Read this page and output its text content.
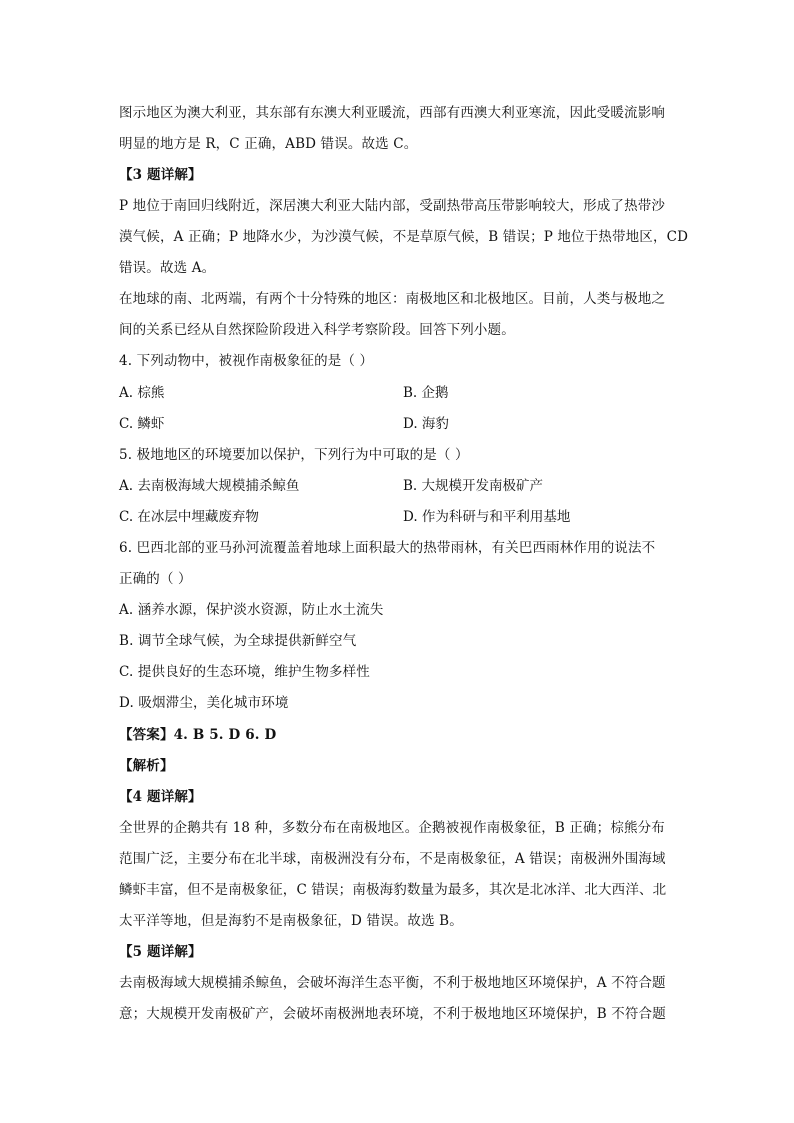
图示地区为澳大利亚，其东部有东澳大利亚暖流，西部有西澳大利亚寒流，因此受暖流影响
明显的地方是 R，C 正确，ABD 错误。故选 C。
【3 题详解】
P 地位于南回归线附近，深居澳大利亚大陆内部，受副热带高压带影响较大，形成了热带沙
漠气候，A 正确；P 地降水少，为沙漠气候，不是草原气候，B 错误；P 地位于热带地区，CD
错误。故选 A。
在地球的南、北两端，有两个十分特殊的地区：南极地区和北极地区。目前，人类与极地之
间的关系已经从自然探险阶段进入科学考察阶段。回答下列小题。
4. 下列动物中，被视作南极象征的是（ ）
A. 棕熊	B. 企鹅
C. 鳞虾	D. 海豹
5. 极地地区的环境要加以保护，下列行为中可取的是（ ）
A. 去南极海域大规模捕杀鲸鱼	B. 大规模开发南极矿产
C. 在冰层中埋藏废弃物	D. 作为科研与和平利用基地
6. 巴西北部的亚马孙河流覆盖着地球上面积最大的热带雨林，有关巴西雨林作用的说法不
正确的（ ）
A. 涵养水源，保护淡水资源，防止水土流失
B. 调节全球气候，为全球提供新鲜空气
C. 提供良好的生态环境，维护生物多样性
D. 吸烟滞尘，美化城市环境
【答案】4. B 5. D 6. D
【解析】
【4 题详解】
全世界的企鹅共有 18 种，多数分布在南极地区。企鹅被视作南极象征，B 正确；棕熊分布
范围广泛，主要分布在北半球，南极洲没有分布，不是南极象征，A 错误；南极洲外围海域
鳞虾丰富，但不是南极象征，C 错误；南极海豹数量为最多，其次是北冰洋、北大西洋、北
太平洋等地，但是海豹不是南极象征，D 错误。故选 B。
【5 题详解】
去南极海域大规模捕杀鲸鱼，会破坏海洋生态平衡，不利于极地地区环境保护，A 不符合题
意；大规模开发南极矿产，会破坏南极洲地表环境，不利于极地地区环境保护，B 不符合题
